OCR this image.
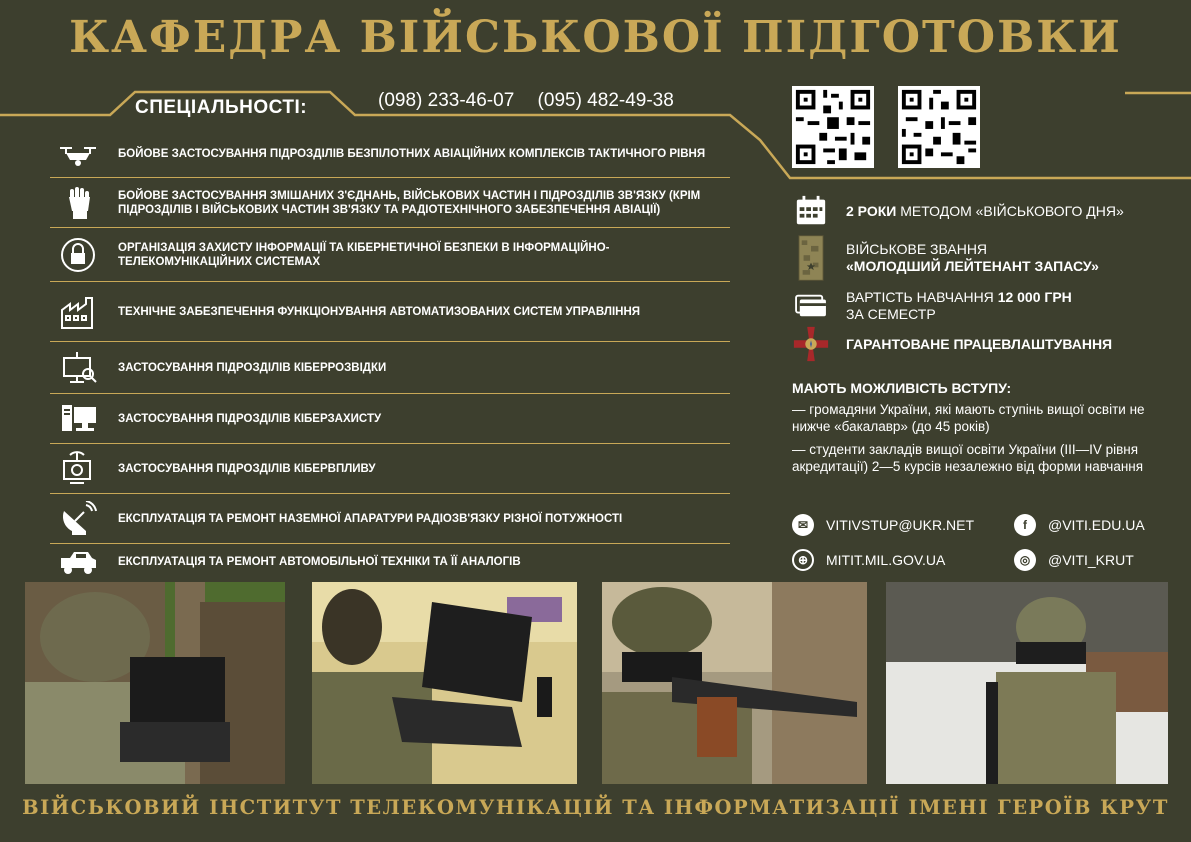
КАФЕДРА ВІЙСЬКОВОЇ ПІДГОТОВКИ
СПЕЦІАЛЬНОСТІ:	(098) 233-46-07 (095) 482-49-38
БОЙОВЕ ЗАСТОСУВАННЯ ПІДРОЗДІЛІВ БЕЗПІЛОТНИХ АВІАЦІЙНИХ КОМПЛЕКСІВ ТАКТИЧНОГО РІВНЯ
БОЙОВЕ ЗАСТОСУВАННЯ ЗМІШАНИХ З'ЄДНАНЬ, ВІЙСЬКОВИХ ЧАСТИН І ПІДРОЗДІЛІВ ЗВ'ЯЗКУ (КРІМ ПІДРОЗДІЛІВ І ВІЙСЬКОВИХ ЧАСТИН ЗВ'ЯЗКУ ТА РАДІОТЕХНІЧНОГО ЗАБЕЗПЕЧЕННЯ АВІАЦІЇ)
ОРГАНІЗАЦІЯ ЗАХИСТУ ІНФОРМАЦІЇ ТА КІБЕРНЕТИЧНОЇ БЕЗПЕКИ В ІНФОРМАЦІЙНО-ТЕЛЕКОМУНІКАЦІЙНИХ СИСТЕМАХ
ТЕХНІЧНЕ ЗАБЕЗПЕЧЕННЯ ФУНКЦІОНУВАННЯ АВТОМАТИЗОВАНИХ СИСТЕМ УПРАВЛІННЯ
ЗАСТОСУВАННЯ ПІДРОЗДІЛІВ КІБЕРРОЗВІДКИ
ЗАСТОСУВАННЯ ПІДРОЗДІЛІВ КІБЕРЗАХИСТУ
ЗАСТОСУВАННЯ ПІДРОЗДІЛІВ КІБЕРВПЛИВУ
ЕКСПЛУАТАЦІЯ ТА РЕМОНТ НАЗЕМНОЇ АПАРАТУРИ РАДІОЗВ'ЯЗКУ РІЗНОЇ ПОТУЖНОСТІ
ЕКСПЛУАТАЦІЯ ТА РЕМОНТ АВТОМОБІЛЬНОЇ ТЕХНІКИ ТА ЇЇ АНАЛОГІВ
2 РОКИ МЕТОДОМ «ВІЙСЬКОВОГО ДНЯ»
ВІЙСЬКОВЕ ЗВАННЯ
«МОЛОДШИЙ ЛЕЙТЕНАНТ ЗАПАСУ»
ВАРТІСТЬ НАВЧАННЯ 12 000 ГРН
ЗА СЕМЕСТР
ГАРАНТОВАНЕ ПРАЦЕВЛАШТУВАННЯ
МАЮТЬ МОЖЛИВІСТЬ ВСТУПУ:
— громадяни України, які мають ступінь вищої освіти не нижче «бакалавр» (до 45 років)
— студенти закладів вищої освіти України (III—IV рівня акредитації) 2—5 курсів незалежно від форми навчання
✉	VITIVSTUP@UKR.NET
⊕	MITIT.MIL.GOV.UA
f	@VITI.EDU.UA
◎	@VITI_KRUT
ВІЙСЬКОВИЙ ІНСТИТУТ ТЕЛЕКОМУНІКАЦІЙ ТА ІНФОРМАТИЗАЦІЇ ІМЕНІ ГЕРОЇВ КРУТ
